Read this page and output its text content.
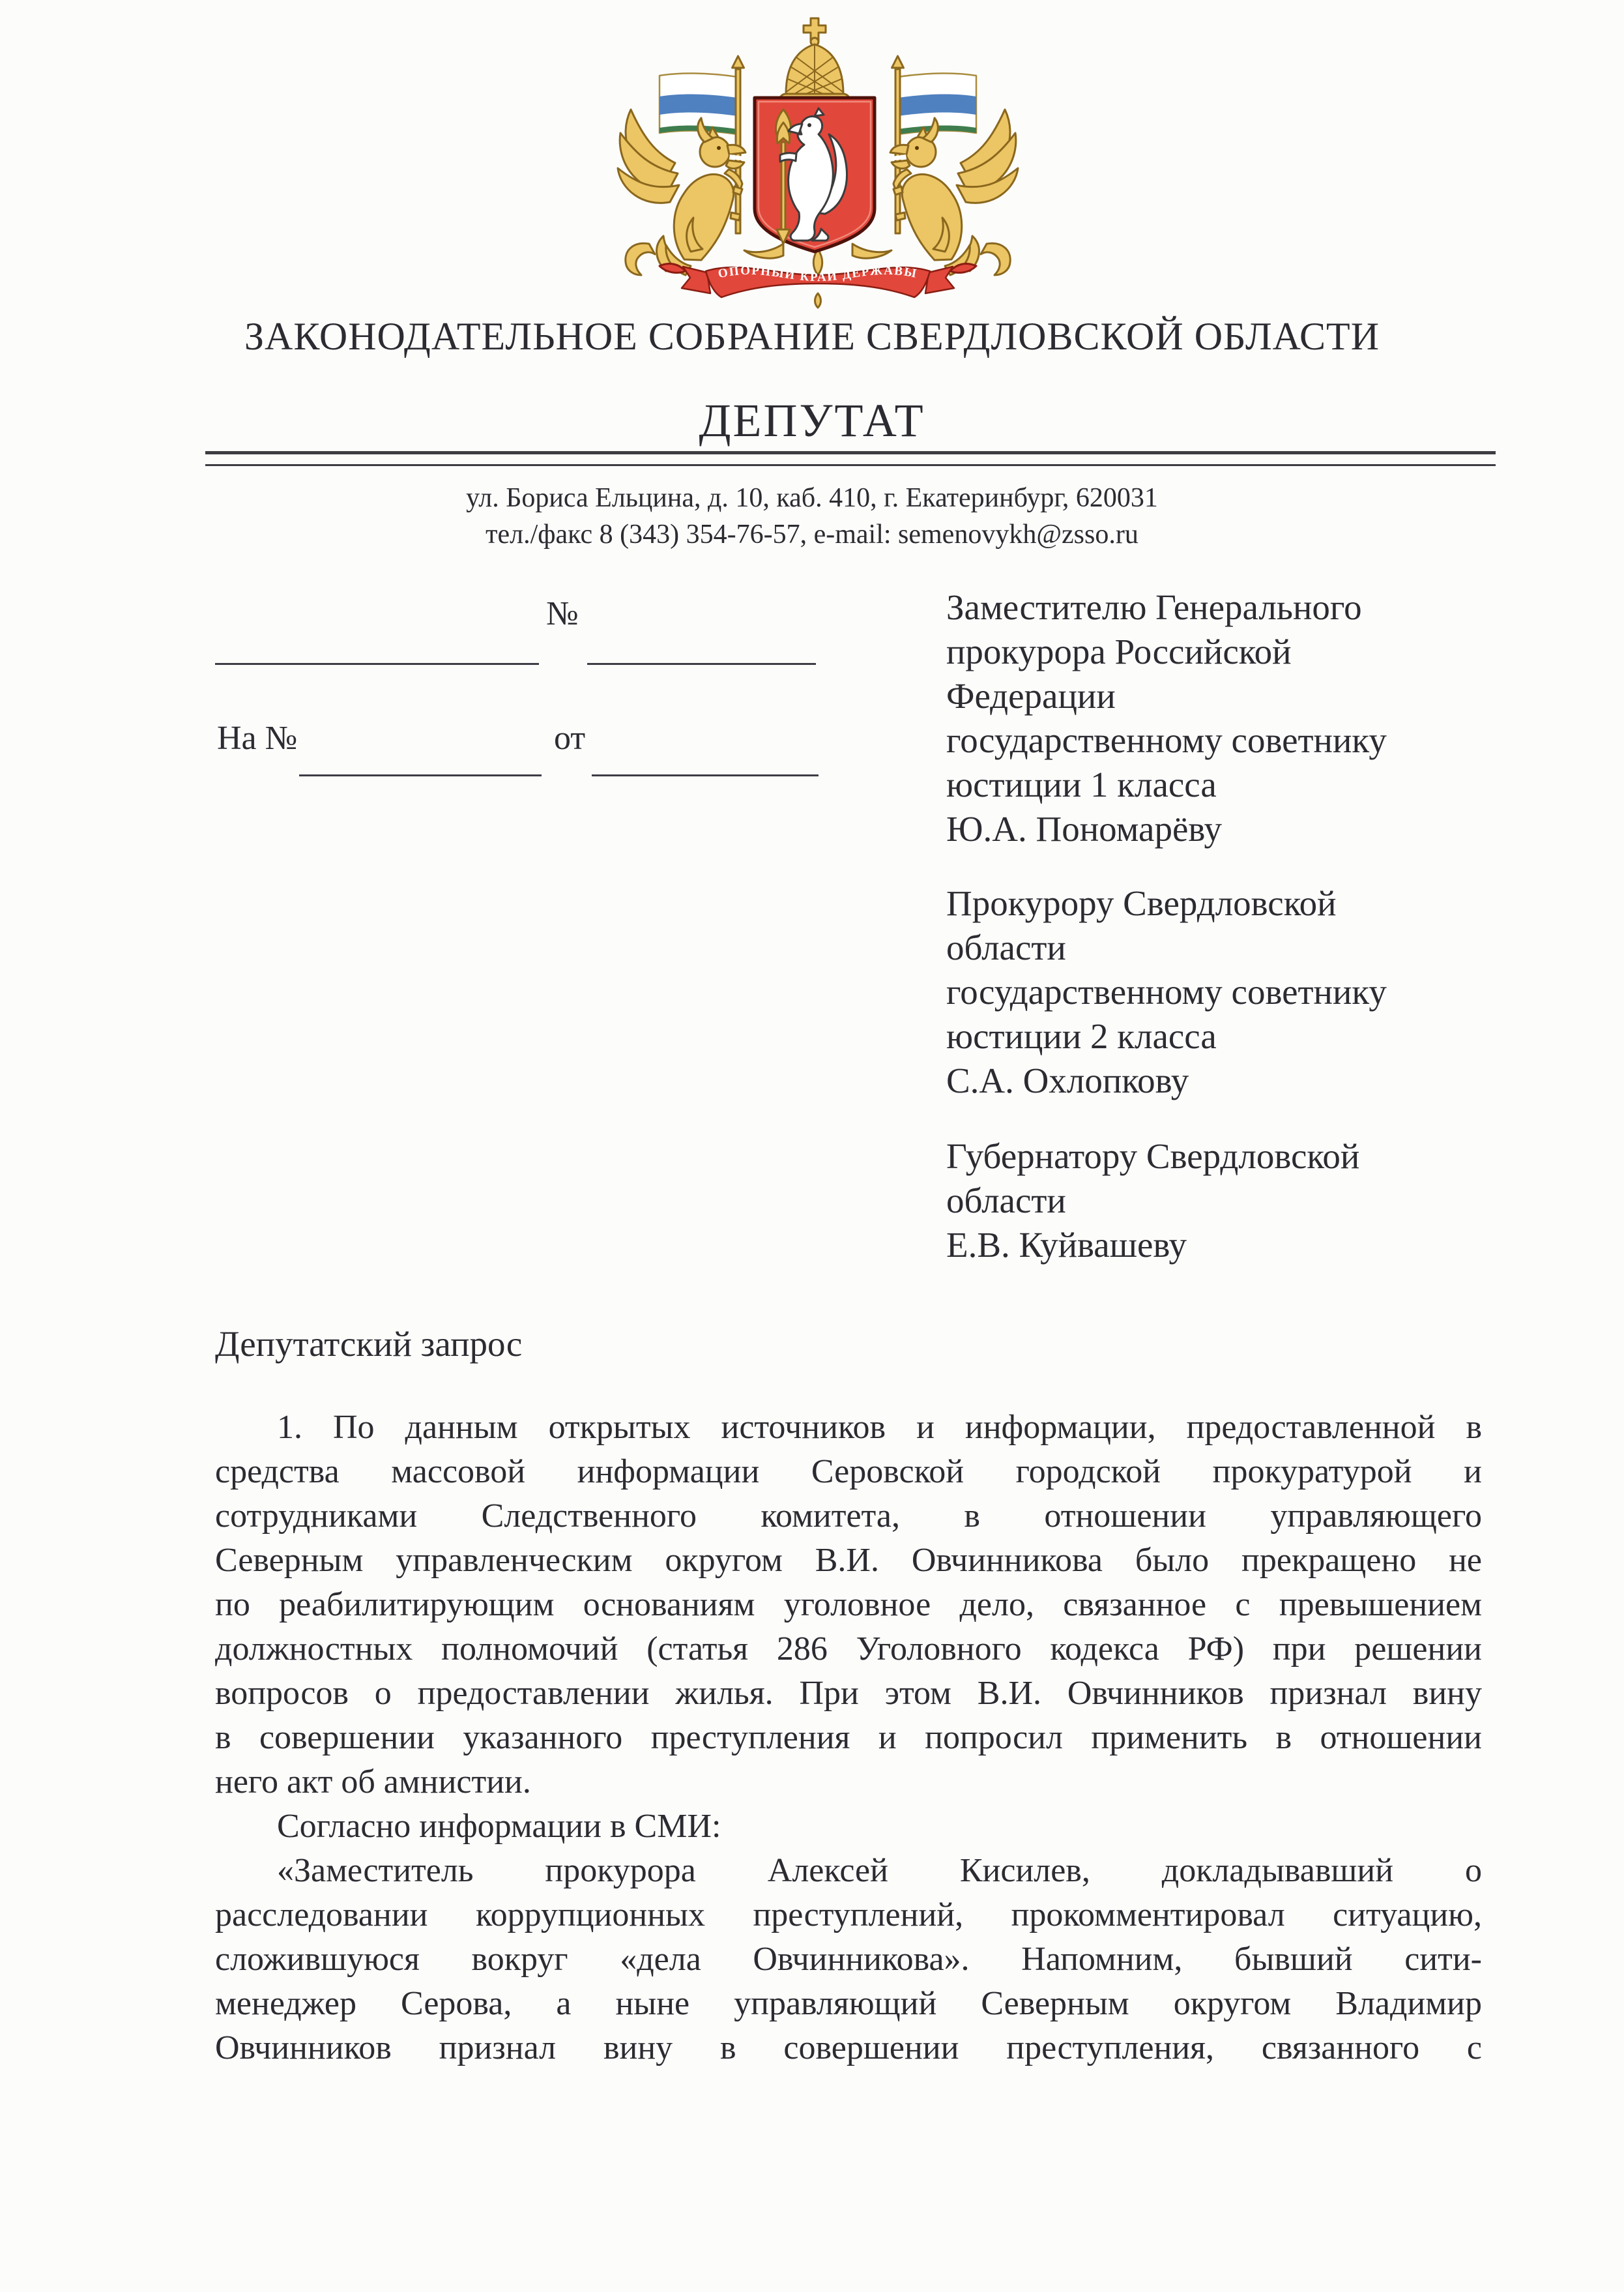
ОПОРНЫЙ КРАЙ ДЕРЖАВЫ
ЗАКОНОДАТЕЛЬНОЕ СОБРАНИЕ СВЕРДЛОВСКОЙ ОБЛАСТИ
ДЕПУТАТ
ул. Бориса Ельцина, д. 10, каб. 410, г. Екатеринбург, 620031
тел./факс 8 (343) 354-76-57, e-mail: semenovykh@zsso.ru
№
На №	от
Заместителю Генерального
прокурора Российской
Федерации
государственному советнику
юстиции 1 класса
Ю.А. Пономарёву
Прокурору Свердловской
области
государственному советнику
юстиции 2 класса
С.А. Охлопкову
Губернатору Свердловской
области
Е.В. Куйвашеву
Депутатский запрос
1. По данным открытых источников и информации, предоставленной в
средства массовой информации Серовской городской прокуратурой и
сотрудниками Следственного комитета, в отношении управляющего
Северным управленческим округом В.И. Овчинникова было прекращено не
по реабилитирующим основаниям уголовное дело, связанное с превышением
должностных полномочий (статья 286 Уголовного кодекса РФ) при решении
вопросов о предоставлении жилья. При этом В.И. Овчинников признал вину
в совершении указанного преступления и попросил применить в отношении
него акт об амнистии.
Согласно информации в СМИ:
«Заместитель прокурора Алексей Кисилев, докладывавший о
расследовании коррупционных преступлений, прокомментировал ситуацию,
сложившуюся вокруг «дела Овчинникова». Напомним, бывший сити-
менеджер Серова, а ныне управляющий Северным округом Владимир
Овчинников признал вину в совершении преступления, связанного с
